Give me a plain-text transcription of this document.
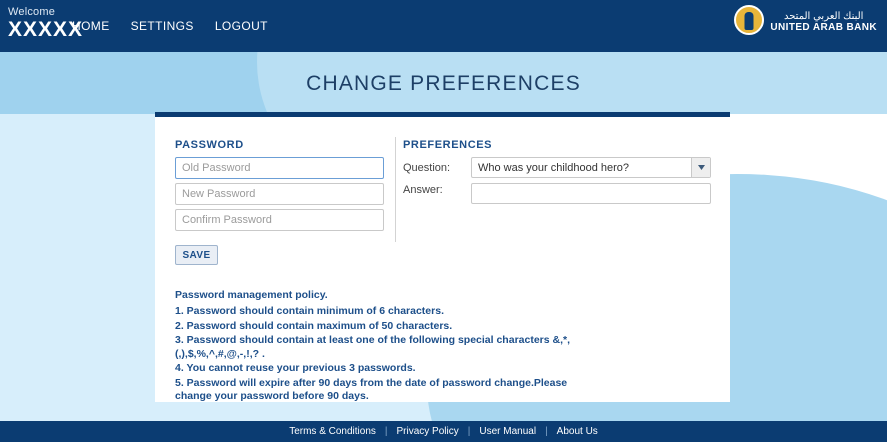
Welcome
XXXXX
HOME SETTINGS LOGOUT
البنك العربي المتحد
UNITED ARAB BANK
CHANGE PREFERENCES
PASSWORD
SAVE
PREFERENCES
Question:	Who was your childhood hero?
Answer:
Password management policy.
1. Password should contain minimum of 6 characters.
2. Password should contain maximum of 50 characters.
3. Password should contain at least one of the following special characters &,*,(,),$,%,^,#,@,-,!,? .
4. You cannot reuse your previous 3 passwords.
5. Password will expire after 90 days from the date of password change.Please change your password before 90 days.
Terms & Conditions | Privacy Policy | User Manual | About Us
